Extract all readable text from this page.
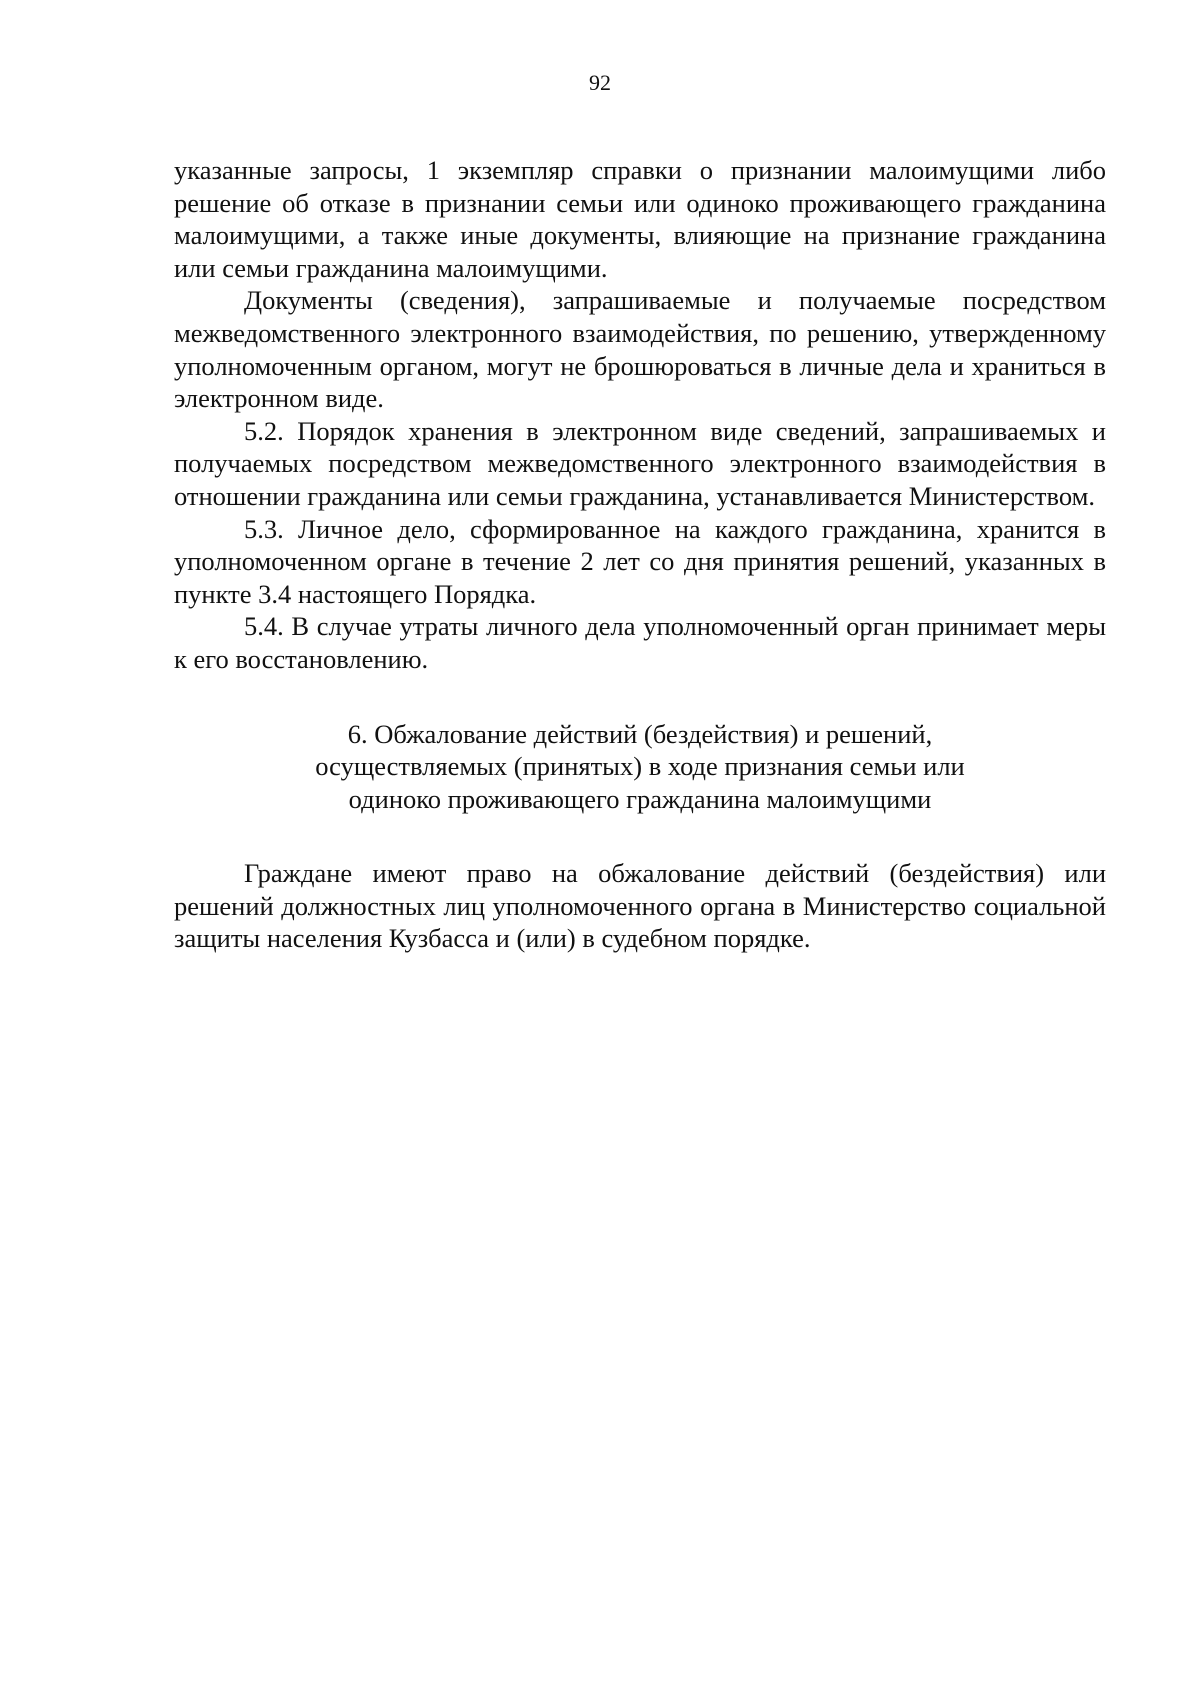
92

указанные запросы, 1 экземпляр справки о признании малоимущими либо решение об отказе в признании семьи или одиноко проживающего гражданина малоимущими, а также иные документы, влияющие на признание гражданина или семьи гражданина малоимущими.

Документы (сведения), запрашиваемые и получаемые посредством межведомственного электронного взаимодействия, по решению, утвержденному уполномоченным органом, могут не брошюроваться в личные дела и храниться в электронном виде.

5.2. Порядок хранения в электронном виде сведений, запрашиваемых и получаемых посредством межведомственного электронного взаимодействия в отношении гражданина или семьи гражданина, устанавливается Министерством.

5.3. Личное дело, сформированное на каждого гражданина, хранится в уполномоченном органе в течение 2 лет со дня принятия решений, указанных в пункте 3.4 настоящего Порядка.

5.4. В случае утраты личного дела уполномоченный орган принимает меры к его восстановлению.

6. Обжалование действий (бездействия) и решений,
осуществляемых (принятых) в ходе признания семьи или
одиноко проживающего гражданина малоимущими

Граждане имеют право на обжалование действий (бездействия) или решений должностных лиц уполномоченного органа в Министерство социальной защиты населения Кузбасса и (или) в судебном порядке.
